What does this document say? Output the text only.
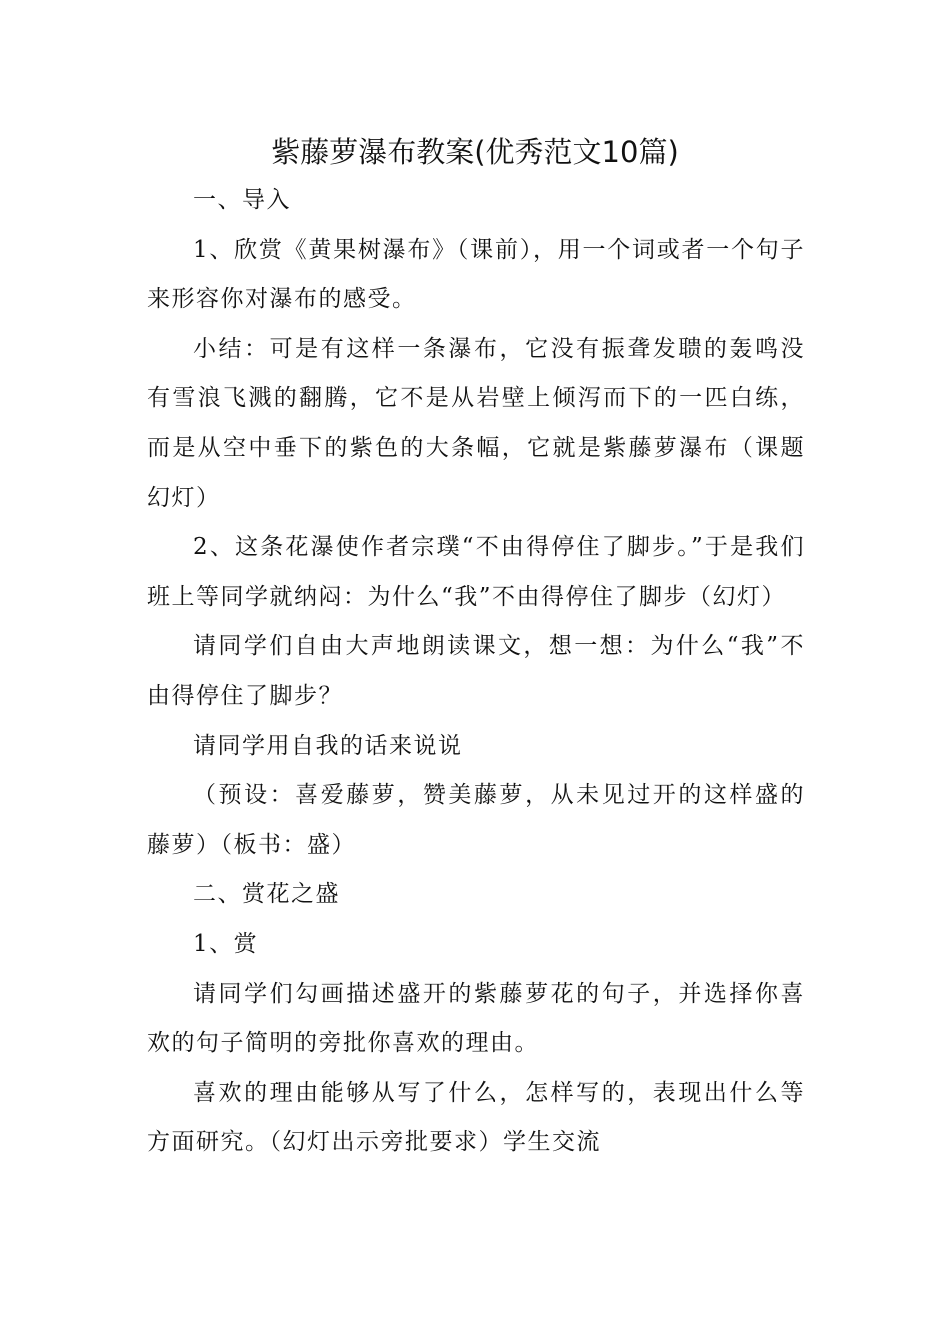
紫藤萝瀑布教案(优秀范文10篇)

一、导入

1、欣赏《黄果树瀑布》（课前），用一个词或者一个句子来形容你对瀑布的感受。

小结：可是有这样一条瀑布，它没有振聋发聩的轰鸣没有雪浪飞溅的翻腾，它不是从岩壁上倾泻而下的一匹白练，而是从空中垂下的紫色的大条幅，它就是紫藤萝瀑布（课题幻灯）

2、这条花瀑使作者宗璞“不由得停住了脚步。”于是我们班上等同学就纳闷：为什么“我”不由得停住了脚步（幻灯）

请同学们自由大声地朗读课文，想一想：为什么“我”不由得停住了脚步？

请同学用自我的话来说说

（预设：喜爱藤萝，赞美藤萝，从未见过开的这样盛的藤萝）（板书：盛）

二、赏花之盛

1、赏

请同学们勾画描述盛开的紫藤萝花的句子，并选择你喜欢的句子简明的旁批你喜欢的理由。

喜欢的理由能够从写了什么，怎样写的，表现出什么等方面研究。（幻灯出示旁批要求）学生交流
